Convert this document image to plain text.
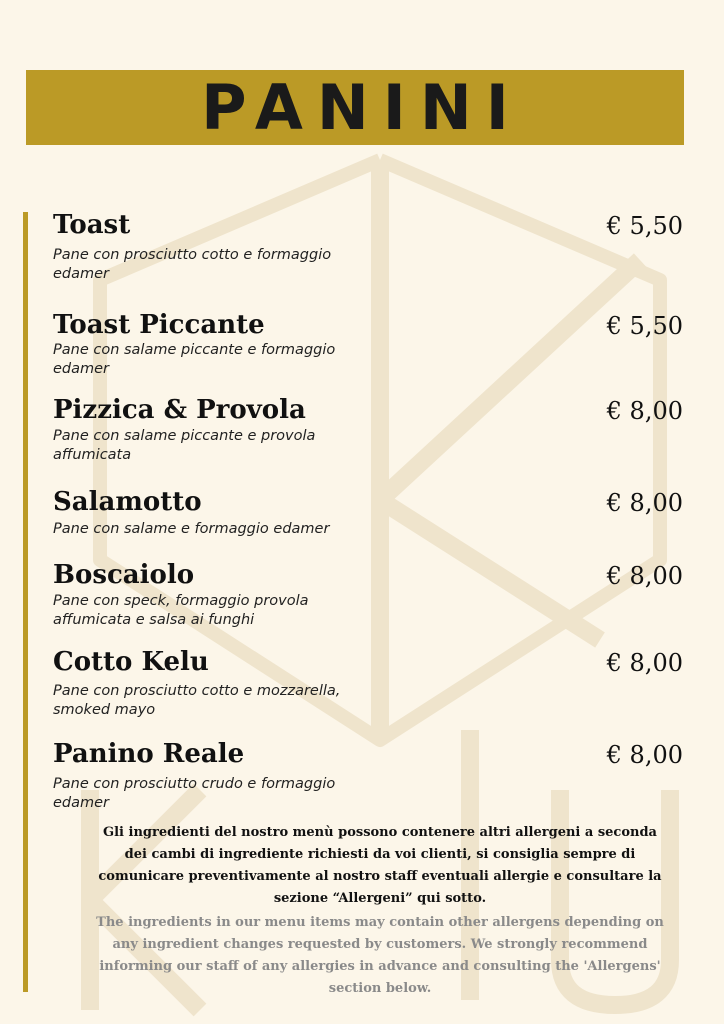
PANINI
Toast	€ 5,50
Pane con prosciutto cotto e formaggio edamer
Toast Piccante	€ 5,50
Pane con salame piccante e formaggio edamer
Pizzica & Provola	€ 8,00
Pane con salame piccante e provola affumicata
Salamotto	€ 8,00
Pane con salame e formaggio edamer
Boscaiolo	€ 8,00
Pane con speck, formaggio provola affumicata e salsa ai funghi
Cotto Kelu	€ 8,00
Pane con prosciutto cotto e mozzarella, smoked mayo
Panino Reale	€ 8,00
Pane con prosciutto crudo e formaggio edamer
Gli ingredienti del nostro menù possono contenere altri allergeni a seconda dei cambi di ingrediente richiesti da voi clienti, si consiglia sempre di comunicare preventivamente al nostro staff eventuali allergie e consultare la sezione “Allergeni” qui sotto.
The ingredients in our menu items may contain other allergens depending on any ingredient changes requested by customers. We strongly recommend informing our staff of any allergies in advance and consulting the 'Allergens' section below.
